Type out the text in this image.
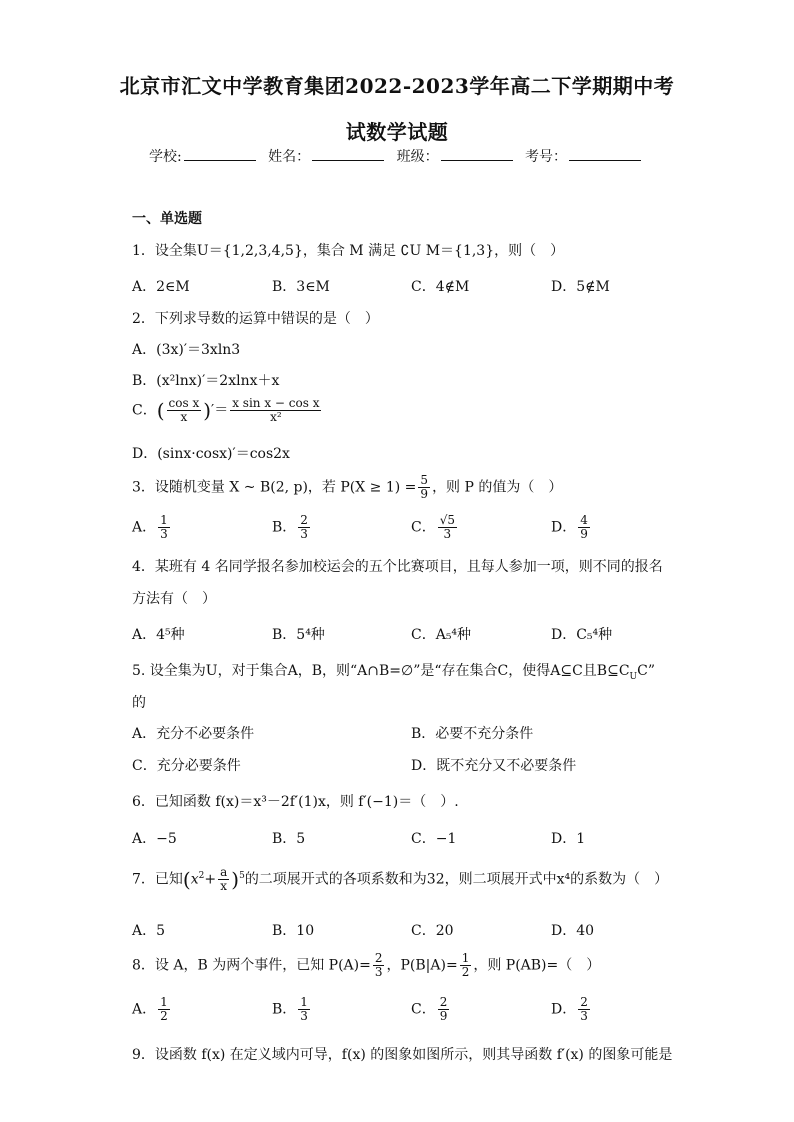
北京市汇文中学教育集团2022-2023学年高二下学期期中考
试数学试题
学校:	姓名：	班级：	考号：
一、单选题
1．设全集U＝{1,2,3,4,5}，集合 M 满足 ∁U M＝{1,3}，则（　）
A．2∈M	B．3∈M	C．4∉M	D．5∉M
2．下列求导数的运算中错误的是（　）
A．(3x)′＝3xln3
B．(x²lnx)′＝2xlnx＋x
C．( $\frac{\text{cos x}}{x}$ )′＝ $\frac{\text{x sin x − cos x}}{\text{x²}}$
D．(sinx·cosx)′＝cos2x
3．设随机变量 X ~ B(2, p)，若 $P(X \ge 1) = \frac{5}{9}$ ，则 P 的值为（　）
A． $\frac{1}{3}$	B． $\frac{2}{3}$	C． $\frac{√5}{3}$	D． $\frac{4}{9}$
4．某班有 4 名同学报名参加校运会的五个比赛项目，且每人参加一项，则不同的报名
方法有（　）
A．4⁵种	B．5⁴种	C．A₅⁴种	D．C₅⁴种
5. 设全集为U，对于集合A，B，则“A∩B=∅”是“存在集合C，使得A⊆C且$B⊆C_UC$”
的
A．充分不必要条件	B．必要不充分条件
C．充分必要条件	D．既不充分又不必要条件
6．已知函数 f(x)＝x³－2f′(1)x，则 f′(−1)＝（　）.
A．−5	B．5	C．−1	D．1
7．已知$(x^2+ \frac{a}{x} )^5$的二项展开式的各项系数和为32，则二项展开式中x⁴的系数为（　）
A．5	B．10	C．20	D．40
8．设 A，B 为两个事件，已知 $P(A)= \frac{2}{3}$ ，$P(B|A)= \frac{1}{2}$ ，则 P(AB)=（　）
A． $\frac{1}{2}$	B． $\frac{1}{3}$	C． $\frac{2}{9}$	D． $\frac{2}{3}$
9．设函数 f(x) 在定义域内可导，f(x) 的图象如图所示，则其导函数 f′(x) 的图象可能是
